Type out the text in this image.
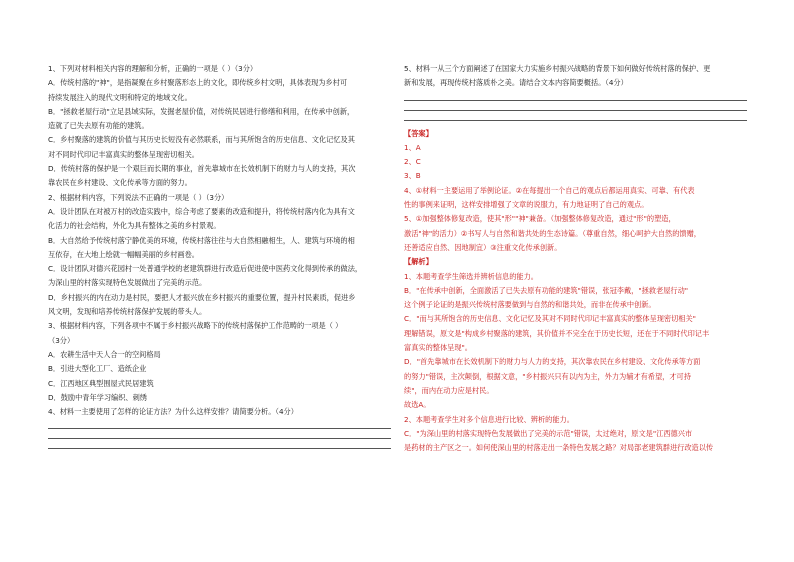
1、下列对材料相关内容的理解和分析，正确的一项是（ ）（3分）

A．传统村落的"神"，是指凝聚在乡村聚落形态上的文化，即传统乡村文明，具体表现为乡村可

持续发展注入的现代文明和特定的地域文化。

B．"拯救老屋行动"立足县域实际，发掘老屋价值，对传统民居进行修缮和利用，在传承中创新，

造就了已失去原有功能的建筑。

C．乡村聚落的建筑的价值与其历史长短没有必然联系，而与其所饱含的历史信息、文化记忆及其

对不同时代印记丰富真实的整体呈现密切相关。

D．传统村落的保护是一个艰巨而长期的事业，首先靠城市在长效机制下的财力与人的支持，其次

靠农民在乡村建设、文化传承等方面的努力。

2、根据材料内容，下列说法不正确的一项是（ ）（3分）

A．设计团队在对被万村的改造实践中，综合考虑了要素的改造和提升，将传统村落内化为具有文

化活力的社会结构，外化为具有整体之美的乡村景观。

B．大自然给予传统村落宁静优美的环境，传统村落往往与大自然相融相生，人、建筑与环境的相

互依存，在大地上绘就一幅幅美丽的乡村画卷。

C．设计团队对德兴花园村一处普通学校的老建筑群进行改造后促进使中医药文化得到传承的做法，

为深山里的村落实现特色发展做出了完美的示范。

D．乡村振兴的内在动力是村民，要把人才振兴放在乡村振兴的重要位置，提升村民素质，促进乡

风文明，发现和培养传统村落保护发展的带头人。

3、根据材料内容，下列各项中不属于乡村振兴战略下的传统村落保护工作范畴的一项是（ ）

（3分）

A．农耕生活中天人合一的空间格局

B．引进大型化工厂、造纸企业

C．江西地区典型围屋式民居建筑

D．鼓励中青年学习编织、刺绣

4、材料一主要使用了怎样的论证方法？为什么这样安排？请简要分析。（4分）

5、材料一从三个方面阐述了在国家大力实施乡村振兴战略的背景下如何做好传统村落的保护、更

新和发展，再现传统村落质朴之美。请结合文本内容简要概括。（4分）

【答案】

1、A

2、C

3、B

4、①材料一主要运用了举例论证。②在每提出一个自己的观点后都运用真实、可靠、有代表

性的事例来证明，这样安排增强了文章的说服力，有力地证明了自己的观点。

5、①加强整体修复改造，使其"形""神"兼备。（加强整体修复改造，通过"形"的塑造，

激活"神"的活力）②书写人与自然和谐共处的生态诗篇。（尊重自然，细心呵护大自然的馈赠，

还善适应自然、因地制宜）③注重文化传承创新。

【解析】

1、本题考查学生筛选并辨析信息的能力。

B．"在传承中创新，全面激活了已失去原有功能的建筑"错误，张冠李戴，"拯救老屋行动"

这个例子论证的是振兴传统村落要做到与自然的和谐共处，而非在传承中创新。

C．"而与其所饱含的历史信息、文化记忆及其对不同时代印记丰富真实的整体呈现密切相关"

理解错误，原文是"构成乡村聚落的建筑，其价值并不完全在于历史长短，还在于不同时代印记丰

富真实的整体呈现"。

D．"首先靠城市在长效机制下的财力与人力的支持，其次靠农民在乡村建设、文化传承等方面

的努力"错误，主次颠倒，根据文意，"乡村振兴只有以内为主，外力为辅才有希望，才可持

续"，而内在动力应是村民。

故选A。

2、本题考查学生对多个信息进行比较、辨析的能力。

C．"为深山里的村落实现特色发展做出了完美的示范"错误，太过绝对，原文是"江西德兴市

是药材的主产区之一。如何使深山里的村落走出一条特色发展之路？对局部老建筑群进行改造以传
